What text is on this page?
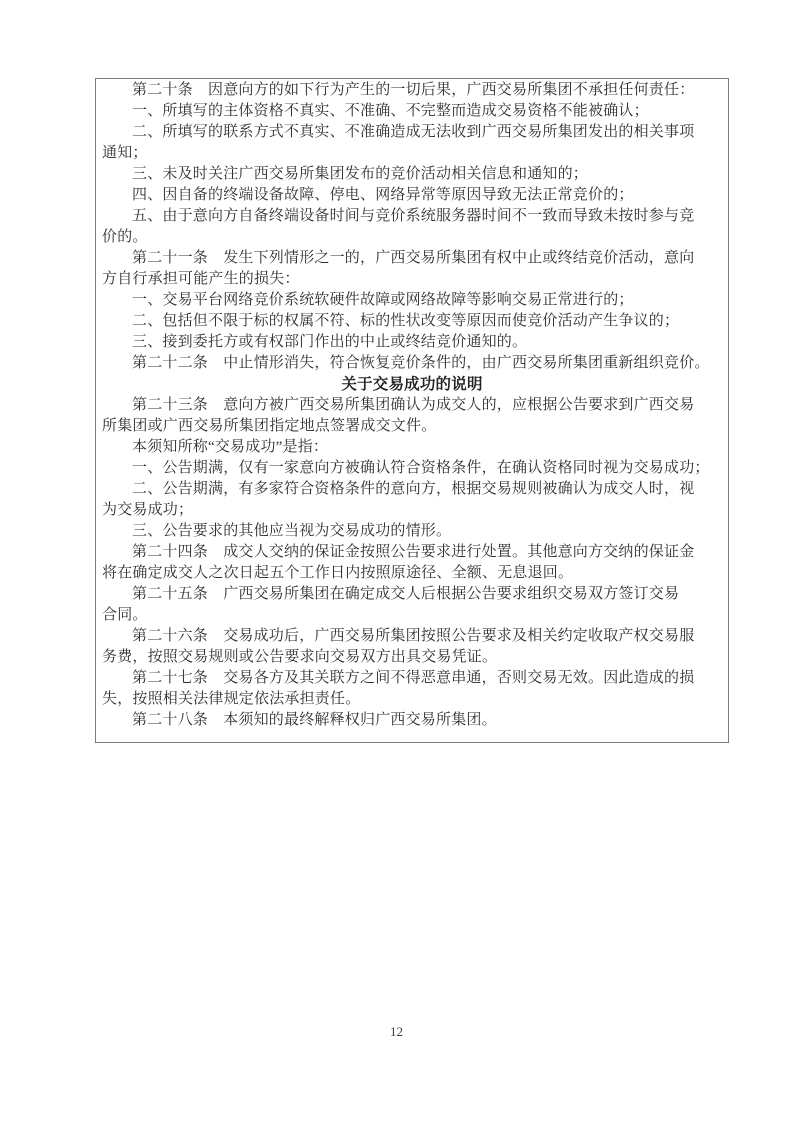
第二十条　因意向方的如下行为产生的一切后果，广西交易所集团不承担任何责任：
一、所填写的主体资格不真实、不准确、不完整而造成交易资格不能被确认；
二、所填写的联系方式不真实、不准确造成无法收到广西交易所集团发出的相关事项
通知；
三、未及时关注广西交易所集团发布的竞价活动相关信息和通知的；
四、因自备的终端设备故障、停电、网络异常等原因导致无法正常竞价的；
五、由于意向方自备终端设备时间与竞价系统服务器时间不一致而导致未按时参与竞
价的。
第二十一条　发生下列情形之一的，广西交易所集团有权中止或终结竞价活动，意向
方自行承担可能产生的损失：
一、交易平台网络竞价系统软硬件故障或网络故障等影响交易正常进行的；
二、包括但不限于标的权属不符、标的性状改变等原因而使竞价活动产生争议的；
三、接到委托方或有权部门作出的中止或终结竞价通知的。
第二十二条　中止情形消失，符合恢复竞价条件的，由广西交易所集团重新组织竞价。
关于交易成功的说明
第二十三条　意向方被广西交易所集团确认为成交人的，应根据公告要求到广西交易
所集团或广西交易所集团指定地点签署成交文件。
本须知所称“交易成功”是指：
一、公告期满，仅有一家意向方被确认符合资格条件，在确认资格同时视为交易成功；
二、公告期满，有多家符合资格条件的意向方，根据交易规则被确认为成交人时，视
为交易成功；
三、公告要求的其他应当视为交易成功的情形。
第二十四条　成交人交纳的保证金按照公告要求进行处置。其他意向方交纳的保证金
将在确定成交人之次日起五个工作日内按照原途径、全额、无息退回。
第二十五条　广西交易所集团在确定成交人后根据公告要求组织交易双方签订交易
合同。
第二十六条　交易成功后，广西交易所集团按照公告要求及相关约定收取产权交易服
务费，按照交易规则或公告要求向交易双方出具交易凭证。
第二十七条　交易各方及其关联方之间不得恶意串通，否则交易无效。因此造成的损
失，按照相关法律规定依法承担责任。
第二十八条　本须知的最终解释权归广西交易所集团。
12
